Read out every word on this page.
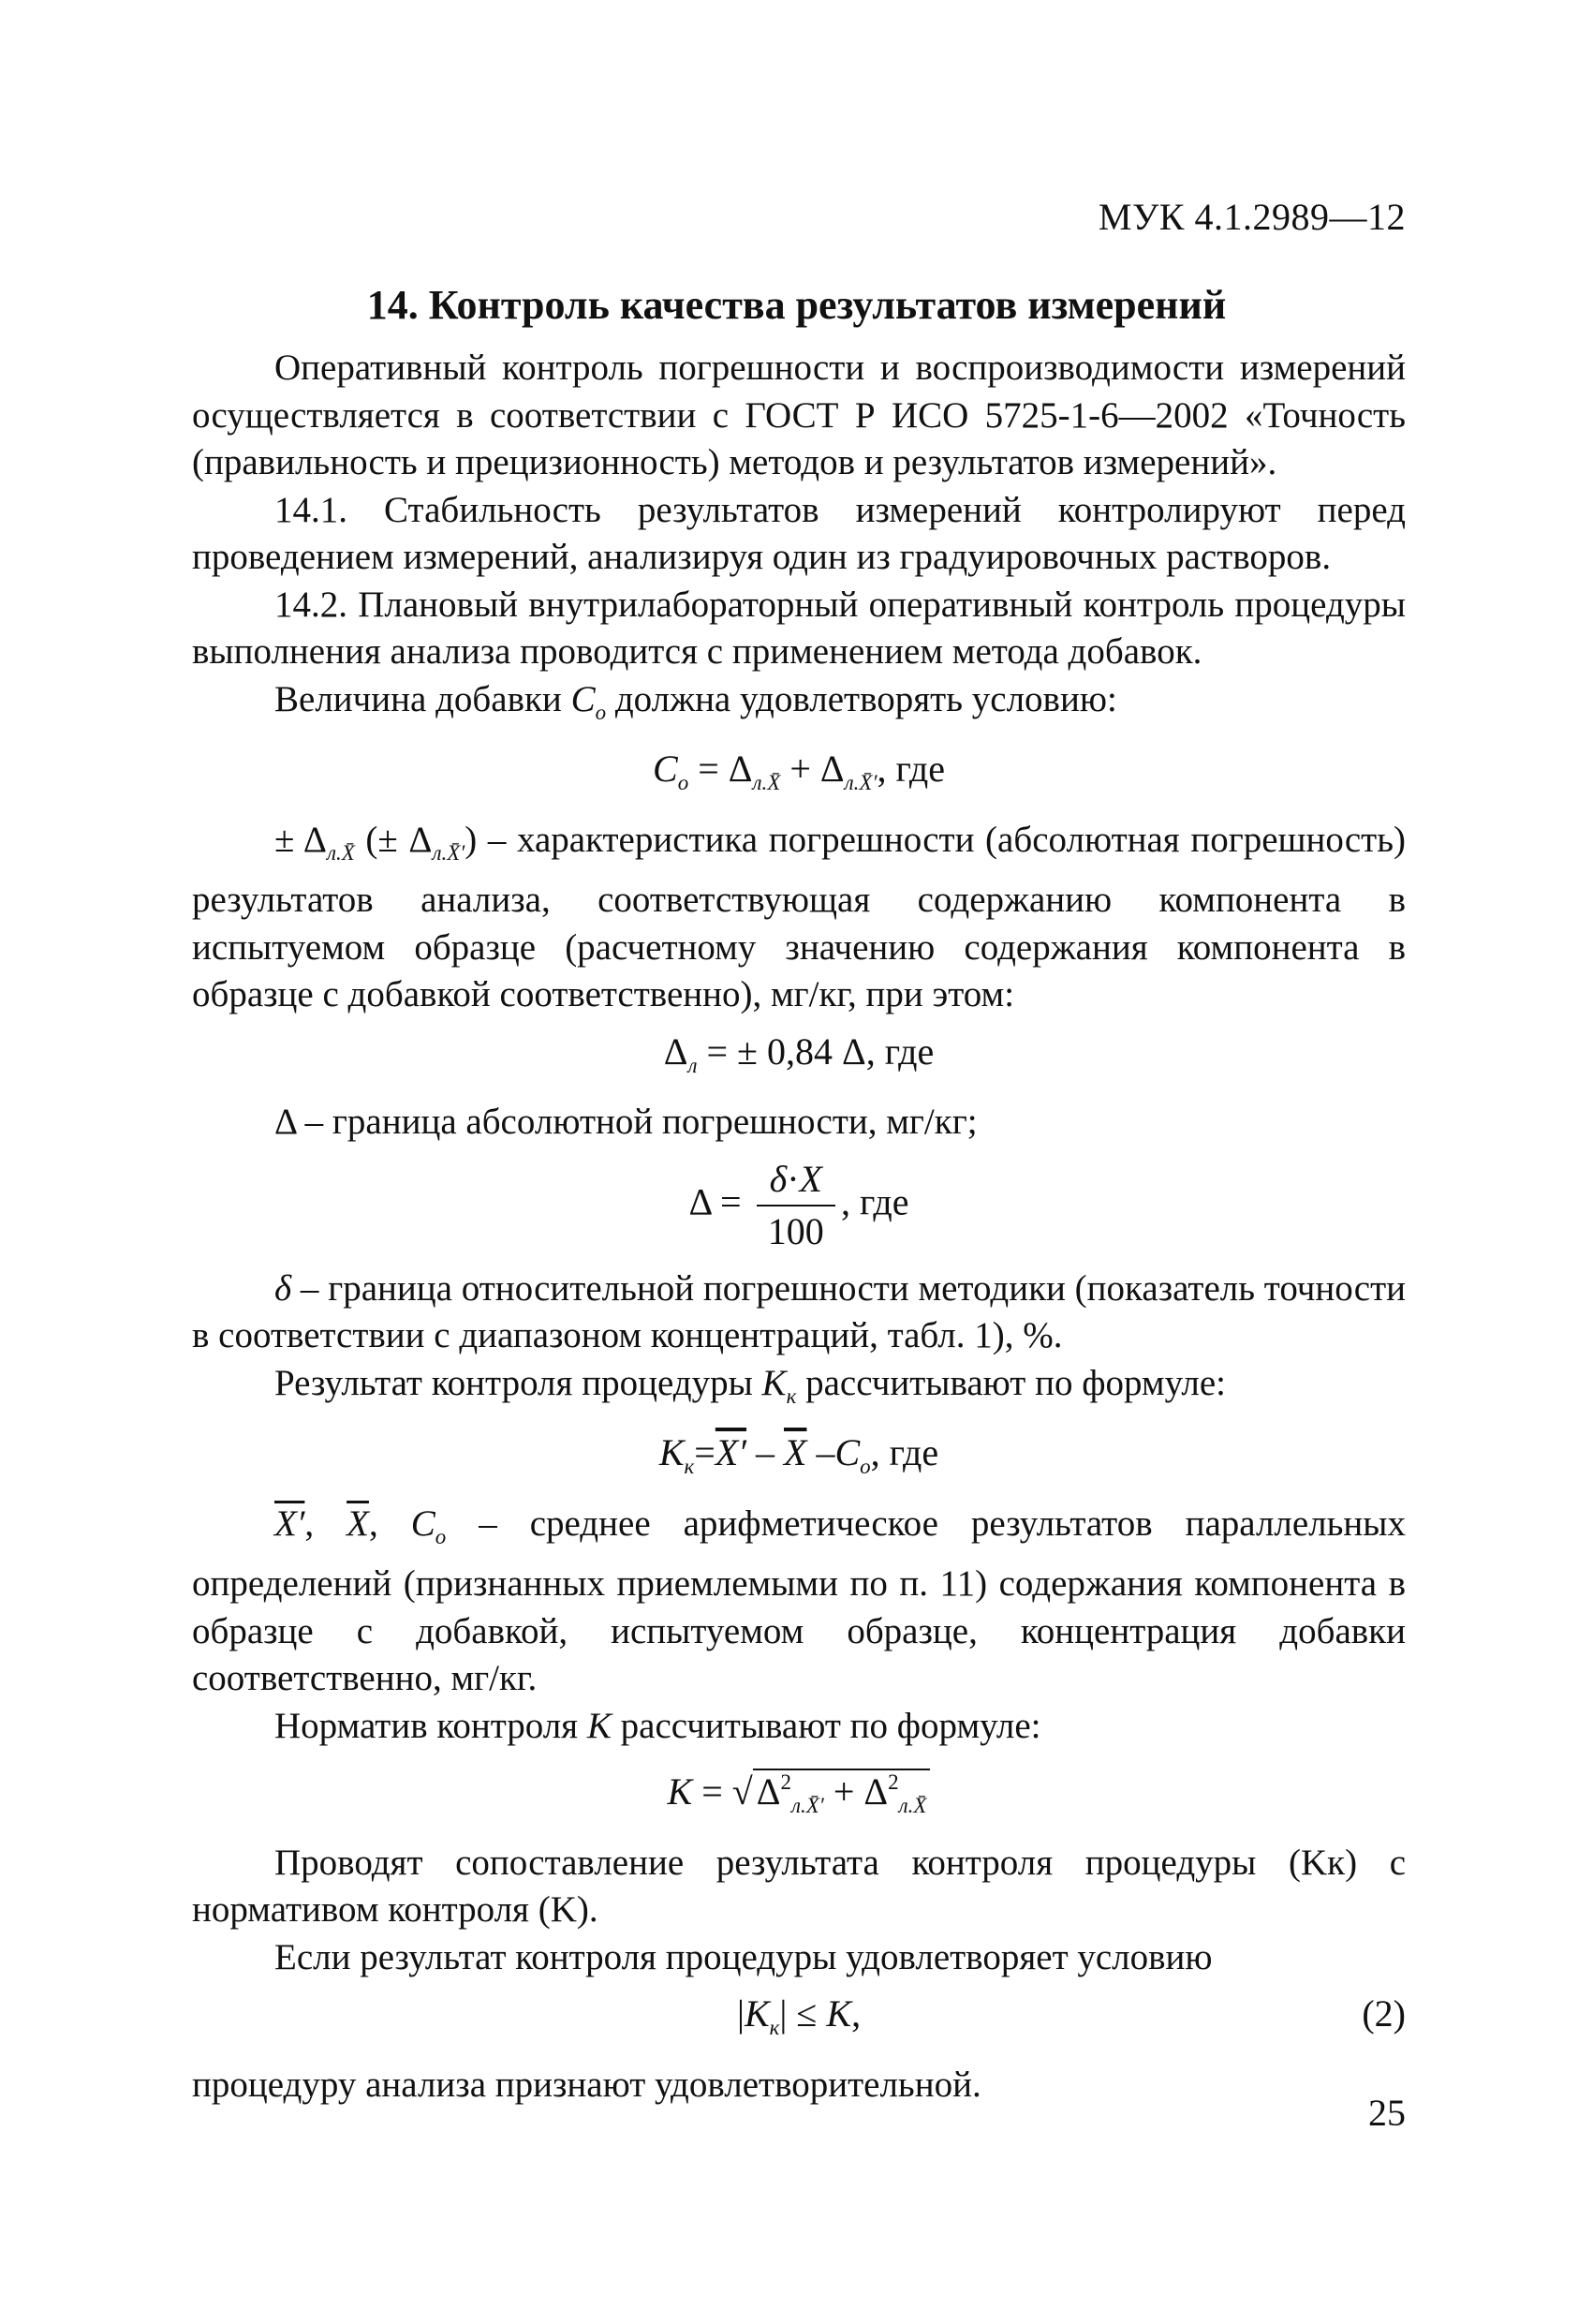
МУК 4.1.2989—12
14. Контроль качества результатов измерений

Оперативный контроль погрешности и воспроизводимости измерений осуществляется в соответствии с ГОСТ Р ИСО 5725-1-6—2002 «Точность (правильность и прецизионность) методов и результатов измерений».

14.1. Стабильность результатов измерений контролируют перед проведением измерений, анализируя один из градуировочных растворов.

14.2. Плановый внутрилабораторный оперативный контроль процедуры выполнения анализа проводится с применением метода добавок.

Величина добавки $C_о$ должна удовлетворять условию:

$C_о = \Delta_{л.X̄} + \Delta_{л.X̄'}$, где

± $\Delta_{л.X̄}$ (± $\Delta_{л.X̄'}$) – характеристика погрешности (абсолютная погрешность) результатов анализа, соответствующая содержанию компонента в испытуемом образце (расчетному значению содержания компонента в образце с добавкой соответственно), мг/кг, при этом:

$\Delta_л$ = ± 0,84 Δ, где

Δ – граница абсолютной погрешности, мг/кг;

$\Delta = \frac{\delta\cdot X}{100}$ , где

δ – граница относительной погрешности методики (показатель точности в соответствии с диапазоном концентраций, табл. 1), %.

Результат контроля процедуры $K_к$ рассчитывают по формуле:

$K_к=X' - \overline{X}$ $-C_о$, где

X′, $\overline{X}$, $C_о$ – среднее арифметическое результатов параллельных определений (признанных приемлемыми по п. 11) содержания компонента в образце с добавкой, испытуемом образце, концентрация добавки соответственно, мг/кг.

Норматив контроля K рассчитывают по формуле:

K = √ $\Delta^2_{л.X̄'} + \Delta^2_{л.X̄}$

Проводят сопоставление результата контроля процедуры (Kк) с нормативом контроля (K).

Если результат контроля процедуры удовлетворяет условию

$|K_к| \le K$,	(2)

процедуру анализа признают удовлетворительной.

25
